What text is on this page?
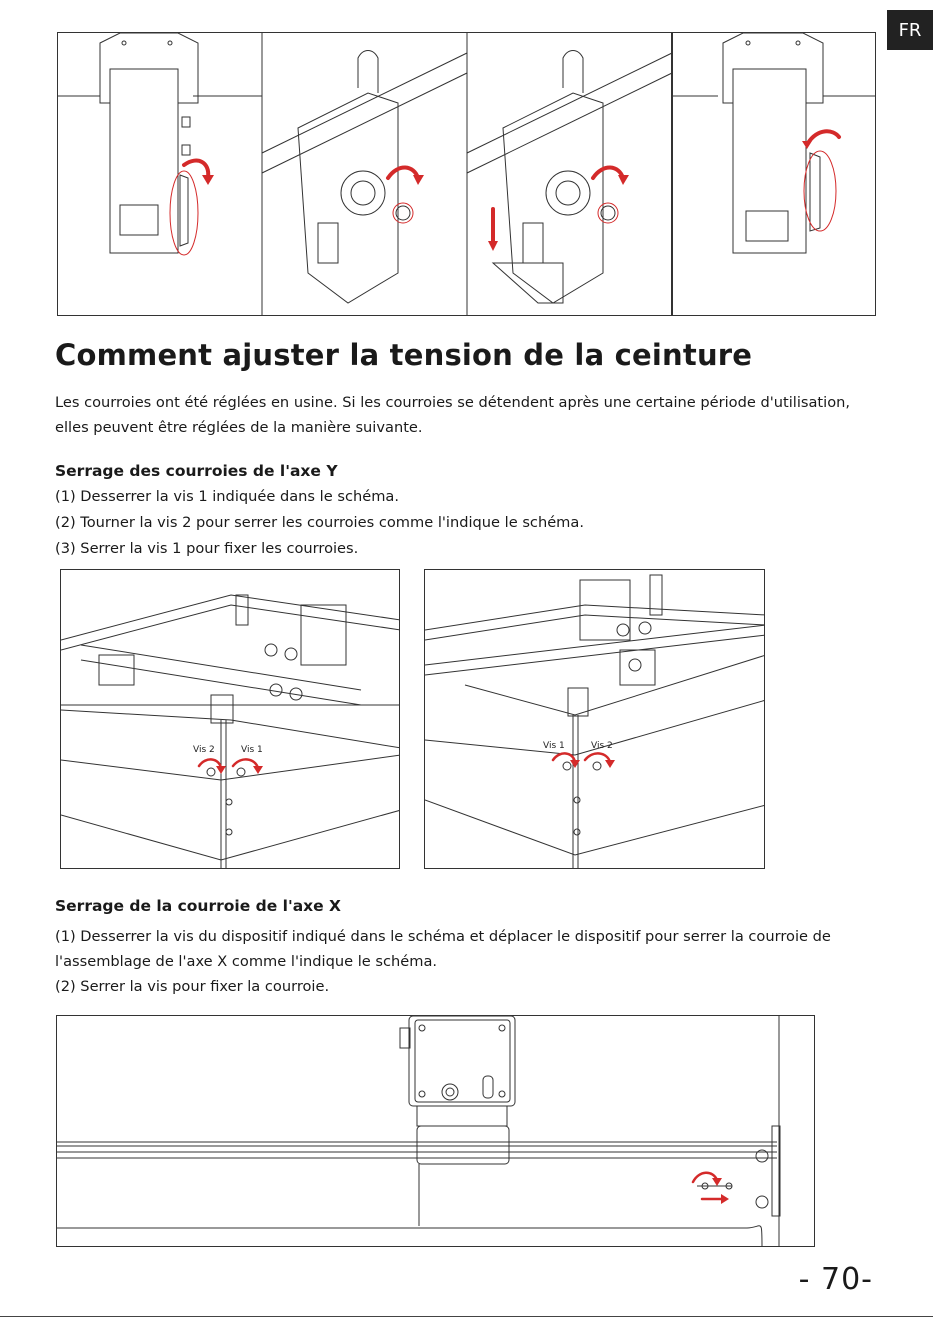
FR
Comment ajuster la tension de la ceinture

Les courroies ont été réglées en usine. Si les courroies se détendent après une certaine période d'utilisation,

elles peuvent être réglées de la manière suivante.

Serrage des courroies de l'axe Y

(1) Desserrer la vis 1 indiquée dans le schéma.

(2) Tourner la vis 2 pour serrer les courroies comme l'indique le schéma.

(3) Serrer la vis 1 pour fixer les courroies.

Vis 2	Vis 1	Vis 1	Vis 2

Serrage de la courroie de l'axe X

(1) Desserrer la vis du dispositif indiqué dans le schéma et déplacer le dispositif pour serrer la courroie de

l'assemblage de l'axe X comme l'indique le schéma.

(2) Serrer la vis pour fixer la courroie.

- 70-
